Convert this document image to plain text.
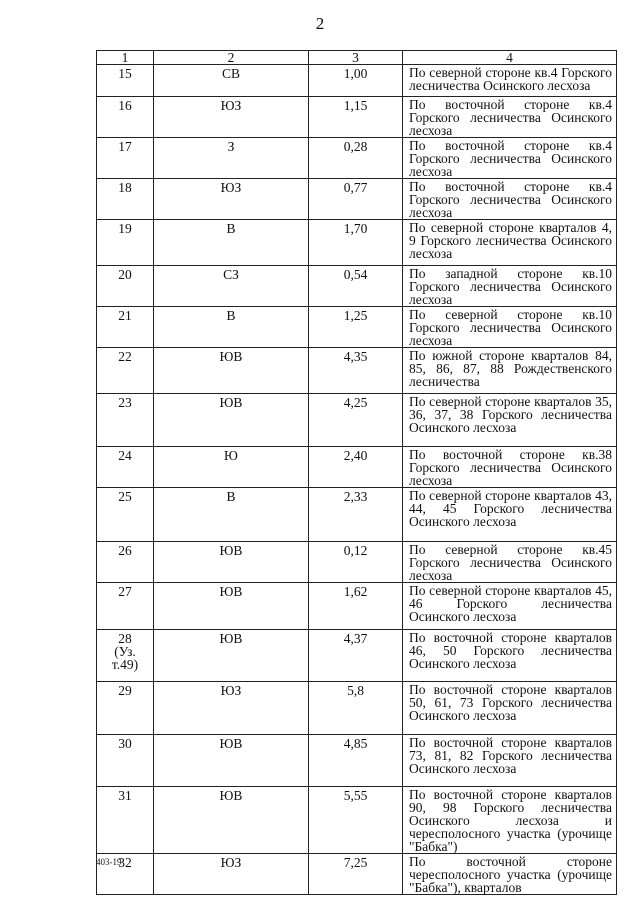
2
1	2	3	4
15	СВ	1,00	По северной стороне кв.4 Горского лесничества Осинского лесхоза
16	ЮЗ	1,15	По восточной стороне кв.4 Горского лесничества Осинского лесхоза
17	З	0,28	По восточной стороне кв.4 Горского лесничества Осинского лесхоза
18	ЮЗ	0,77	По восточной стороне кв.4 Горского лесничества Осинского лесхоза
19	В	1,70	По северной стороне кварталов 4, 9 Горского лесничества Осинского лесхоза
20	СЗ	0,54	По западной стороне кв.10 Горского лесничества Осинского лесхоза
21	В	1,25	По северной стороне кв.10 Горского лесничества Осинского лесхоза
22	ЮВ	4,35	По южной стороне кварталов 84, 85, 86, 87, 88 Рождественского лесничества
23	ЮВ	4,25	По северной стороне кварталов 35, 36, 37, 38 Горского лесничества Осинского лесхоза
24	Ю	2,40	По восточной стороне кв.38 Горского лесничества Осинского лесхоза
25	В	2,33	По северной стороне кварталов 43, 44, 45 Горского лесничества Осинского лесхоза
26	ЮВ	0,12	По северной стороне кв.45 Горского лесничества Осинского лесхоза
27	ЮВ	1,62	По северной стороне кварталов 45, 46 Горского лесничества Осинского лесхоза

28
(Уз.
т.49)	ЮВ	4,37	По восточной стороне кварталов 46, 50 Горского лесничества Осинского лесхоза
29	ЮЗ	5,8	По восточной стороне кварталов 50, 61, 73 Горского лесничества Осинского лесхоза
30	ЮВ	4,85	По восточной стороне кварталов 73, 81, 82 Горского лесничества Осинского лесхоза
31	ЮВ	5,55	По восточной стороне кварталов 90, 98 Горского лесничества Осинского лесхоза и чересполосного участка (урочище "Бабка")
32	ЮЗ	7,25	По восточной стороне чересполосного участка (урочище "Бабка"), кварталов
403-19
